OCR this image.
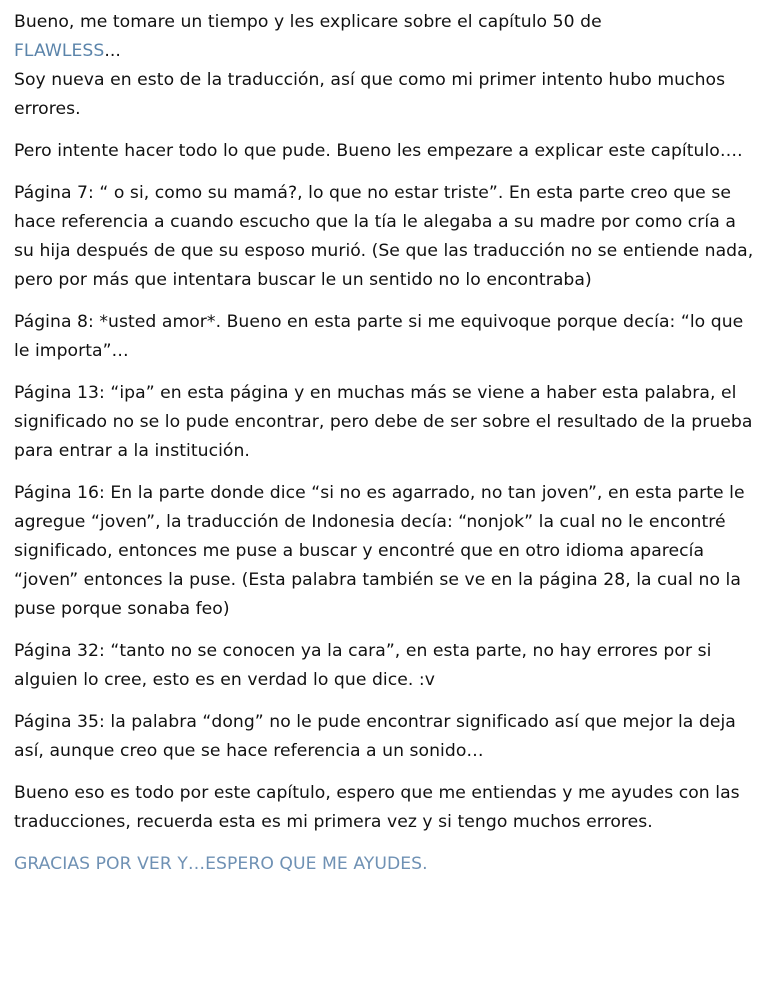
Bueno, me tomare un tiempo y les explicare sobre el capítulo 50 de
FLAWLESS...
Soy nueva en esto de la traducción, así que como mi primer intento hubo muchos errores.

Pero intente hacer todo lo que pude. Bueno les empezare a explicar este capítulo….

Página 7: “ o si, como su mamá?, lo que no estar triste”. En esta parte creo que se hace referencia a cuando escucho que la tía le alegaba a su madre por como cría a su hija después de que su esposo murió. (Se que las traducción no se entiende nada, pero por más que intentara buscar le un sentido no lo encontraba)

Página 8: *usted amor*. Bueno en esta parte si me equivoque porque decía: “lo que le importa”…

Página 13: “ipa” en esta página y en muchas más se viene a haber esta palabra, el significado no se lo pude encontrar, pero debe de ser sobre el resultado de la prueba para entrar a la institución.

Página 16: En la parte donde dice “si no es agarrado, no tan joven”, en esta parte le agregue “joven”, la traducción de Indonesia decía: “nonjok” la cual no le encontré significado, entonces me puse a buscar y encontré que en otro idioma aparecía “joven” entonces la puse. (Esta palabra también se ve en la página 28, la cual no la puse porque sonaba feo)

Página 32: “tanto no se conocen ya la cara”, en esta parte, no hay errores por si alguien lo cree, esto es en verdad lo que dice. :v

Página 35: la palabra “dong” no le pude encontrar significado así que mejor la deja así, aunque creo que se hace referencia a un sonido…

Bueno eso es todo por este capítulo, espero que me entiendas y me ayudes con las traducciones, recuerda esta es mi primera vez y si tengo muchos errores.

GRACIAS POR VER Y…ESPERO QUE ME AYUDES.
